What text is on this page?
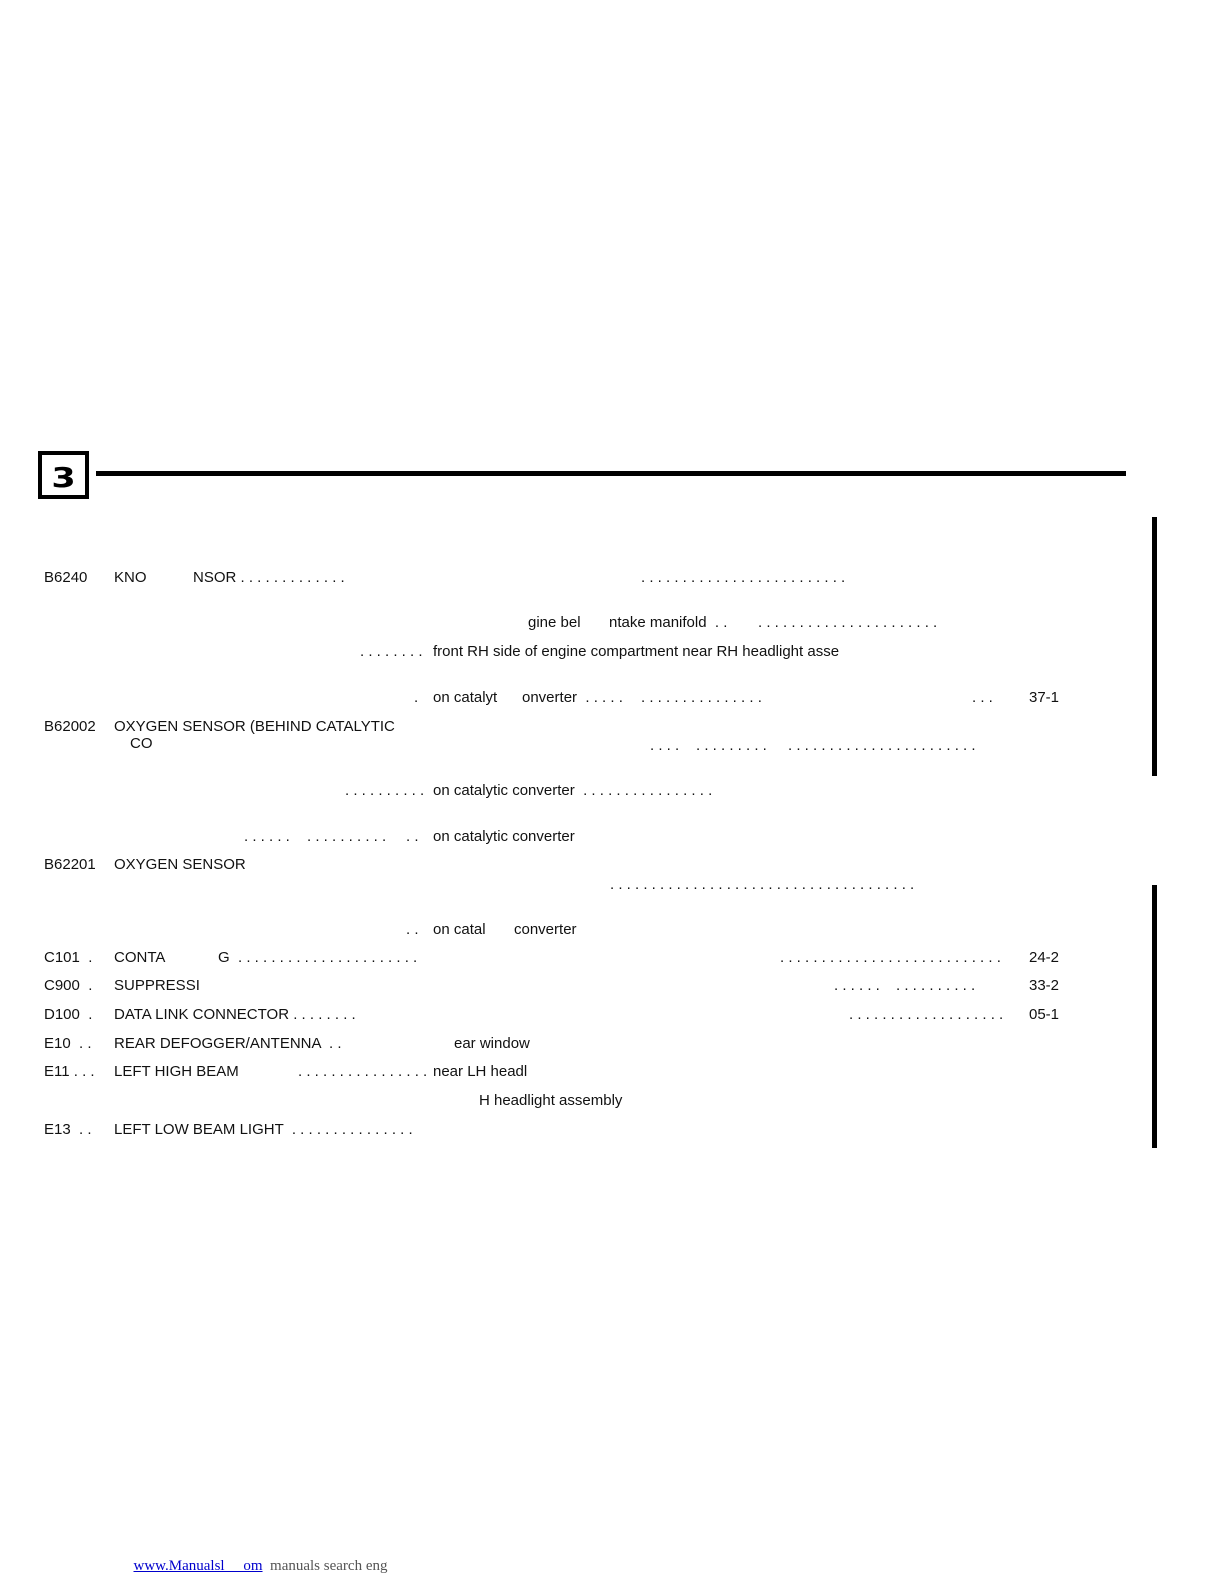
3
B6240 KNO	NSOR . . . . . . . . . . . . .	. . . . . . . . . . . . . . . . . . . . . . . . .
gine bel ntake manifold  . . . . . . . . . . . . . . . . . . . . . . . .
. . . . . . . . front RH side of engine compartment near RH headlight asse
. on catalyt onverter  . . . . . . . . . . . . . . . . . . . .	. . . 37-1
B62002 OXYGEN SENSOR (BEHIND CATALYTIC
CO	. . . . . . . . . . . . . . . . . . . . . . . . . . . . . . . . . . . .
. . . . . . . . . . on catalytic converter  . . . . . . . . . . . . . . . .
. . . . . . . . . . . . . . . . . . on catalytic converter
B62201 OXYGEN SENSOR
. . . . . . . . . . . . . . . . . . . . . . . . . . . . . . . . . . . . .
. . on catal converter
C101  . CONTA	G  . . . . . . . . . . . . . . . . . . . . . .	. . . . . . . . . . . . . . . . . . . . . . . . . . . 24-2
C900  . SUPPRESSI	. . . . . . . . . . . . . . . .	33-2
D100  . DATA LINK CONNECTOR . . . . . . . .	. . . . . . . . . . . . . . . . . . . 05-1
E10  . . REAR DEFOGGER/ANTENNA  . .	ear window
E11 . . . LEFT HIGH BEAM	. . . . . . . . . . . . . . . . near LH headl
H headlight assembly
E13  . . LEFT LOW BEAM LIGHT  . . . . . . . . . . . . . . .

www.Manualsl     om  manuals search eng
